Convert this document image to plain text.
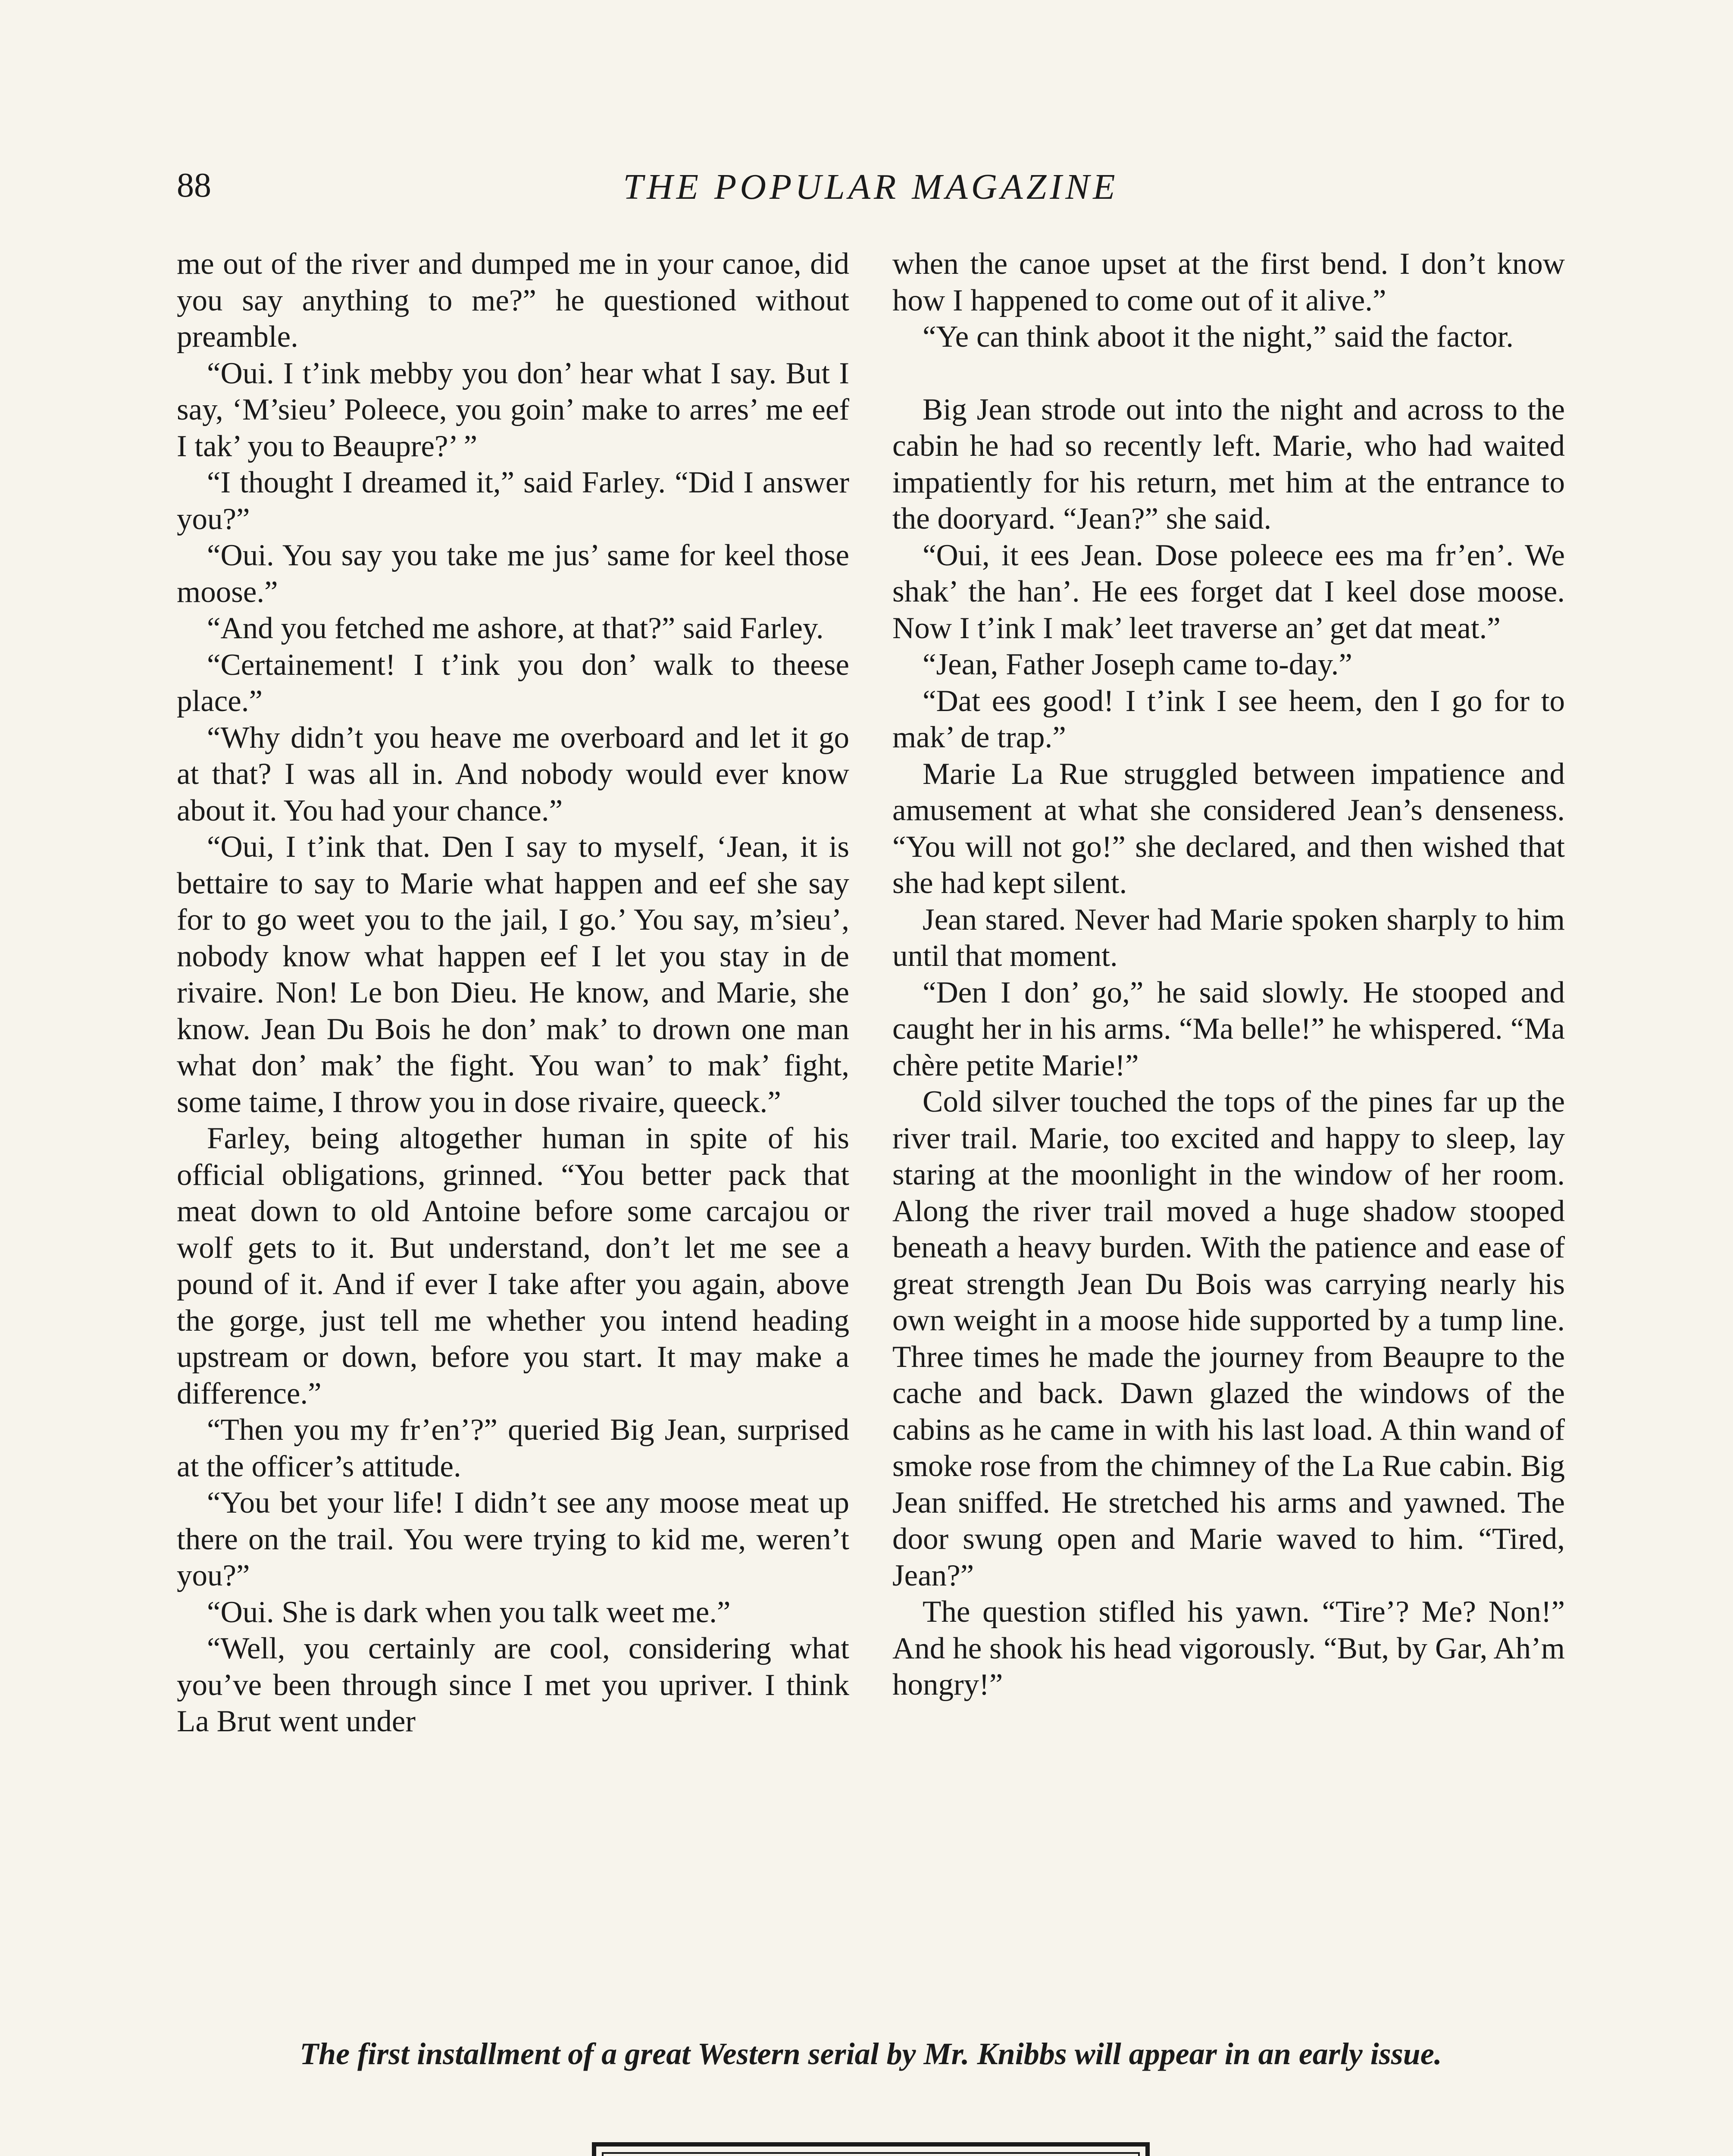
88	THE POPULAR MAGAZINE

me out of the river and dumped me in your canoe, did you say anything to me?” he questioned without preamble.

“Oui. I t’ink mebby you don’ hear what I say. But I say, ‘M’sieu’ Poleece, you goin’ make to arres’ me eef I tak’ you to Beaupre?’ ”

“I thought I dreamed it,” said Farley. “Did I answer you?”

“Oui. You say you take me jus’ same for keel those moose.”

“And you fetched me ashore, at that?” said Farley.

“Certainement! I t’ink you don’ walk to theese place.”

“Why didn’t you heave me overboard and let it go at that? I was all in. And nobody would ever know about it. You had your chance.”

“Oui, I t’ink that. Den I say to myself, ‘Jean, it is bettaire to say to Marie what happen and eef she say for to go weet you to the jail, I go.’ You say, m’sieu’, nobody know what happen eef I let you stay in de rivaire. Non! Le bon Dieu. He know, and Marie, she know. Jean Du Bois he don’ mak’ to drown one man what don’ mak’ the fight. You wan’ to mak’ fight, some taime, I throw you in dose rivaire, queeck.”

Farley, being altogether human in spite of his official obligations, grinned. “You better pack that meat down to old Antoine before some carcajou or wolf gets to it. But understand, don’t let me see a pound of it. And if ever I take after you again, above the gorge, just tell me whether you intend heading upstream or down, before you start. It may make a difference.”

“Then you my fr’en’?” queried Big Jean, surprised at the officer’s attitude.

“You bet your life! I didn’t see any moose meat up there on the trail. You were trying to kid me, weren’t you?”

“Oui. She is dark when you talk weet me.”

“Well, you certainly are cool, considering what you’ve been through since I met you upriver. I think La Brut went under

when the canoe upset at the first bend. I don’t know how I happened to come out of it alive.”

“Ye can think aboot it the night,” said the factor.

Big Jean strode out into the night and across to the cabin he had so recently left. Marie, who had waited impatiently for his return, met him at the entrance to the dooryard. “Jean?” she said.

“Oui, it ees Jean. Dose poleece ees ma fr’en’. We shak’ the han’. He ees forget dat I keel dose moose. Now I t’ink I mak’ leet traverse an’ get dat meat.”

“Jean, Father Joseph came to-day.”

“Dat ees good! I t’ink I see heem, den I go for to mak’ de trap.”

Marie La Rue struggled between impatience and amusement at what she considered Jean’s denseness. “You will not go!” she declared, and then wished that she had kept silent.

Jean stared. Never had Marie spoken sharply to him until that moment.

“Den I don’ go,” he said slowly. He stooped and caught her in his arms. “Ma belle!” he whispered. “Ma chère petite Marie!”

Cold silver touched the tops of the pines far up the river trail. Marie, too excited and happy to sleep, lay staring at the moonlight in the window of her room. Along the river trail moved a huge shadow stooped beneath a heavy burden. With the patience and ease of great strength Jean Du Bois was carrying nearly his own weight in a moose hide supported by a tump line. Three times he made the journey from Beaupre to the cache and back. Dawn glazed the windows of the cabins as he came in with his last load. A thin wand of smoke rose from the chimney of the La Rue cabin. Big Jean sniffed. He stretched his arms and yawned. The door swung open and Marie waved to him. “Tired, Jean?”

The question stifled his yawn. “Tire’? Me? Non!” And he shook his head vigorously. “But, by Gar, Ah’m hongry!”

The first installment of a great Western serial by Mr. Knibbs will appear in an early issue.
